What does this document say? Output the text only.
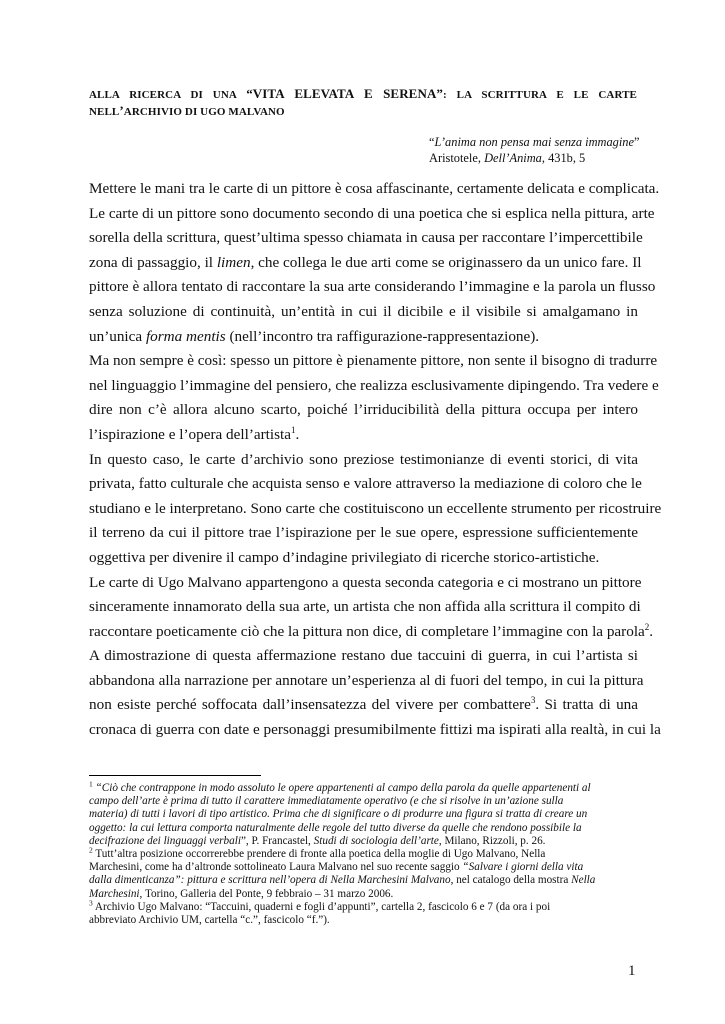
ALLA RICERCA DI UNA “VITA ELEVATA E SERENA”: LA SCRITTURA E LE CARTE
NELL’ARCHIVIO DI UGO MALVANO
“L’anima non pensa mai senza immagine”
Aristotele, Dell’Anima, 431b, 5
Mettere le mani tra le carte di un pittore è cosa affascinante, certamente delicata e complicata.
Le carte di un pittore sono documento secondo di una poetica che si esplica nella pittura, arte
sorella della scrittura, quest’ultima spesso chiamata in causa per raccontare l’impercettibile
zona di passaggio, il limen, che collega le due arti come se originassero da un unico fare. Il
pittore è allora tentato di raccontare la sua arte considerando l’immagine e la parola un flusso
senza soluzione di continuità, un’entità in cui il dicibile e il visibile si amalgamano in
un’unica forma mentis (nell’incontro tra raffigurazione-rappresentazione).
Ma non sempre è così: spesso un pittore è pienamente pittore, non sente il bisogno di tradurre
nel linguaggio l’immagine del pensiero, che realizza esclusivamente dipingendo. Tra vedere e
dire non c’è allora alcuno scarto, poiché l’irriducibilità della pittura occupa per intero
l’ispirazione e l’opera dell’artista$^1$.
In questo caso, le carte d’archivio sono preziose testimonianze di eventi storici, di vita
privata, fatto culturale che acquista senso e valore attraverso la mediazione di coloro che le
studiano e le interpretano. Sono carte che costituiscono un eccellente strumento per ricostruire
il terreno da cui il pittore trae l’ispirazione per le sue opere, espressione sufficientemente
oggettiva per divenire il campo d’indagine privilegiato di ricerche storico-artistiche.
Le carte di Ugo Malvano appartengono a questa seconda categoria e ci mostrano un pittore
sinceramente innamorato della sua arte, un artista che non affida alla scrittura il compito di
raccontare poeticamente ciò che la pittura non dice, di completare l’immagine con la parola$^2$.
A dimostrazione di questa affermazione restano due taccuini di guerra, in cui l’artista si
abbandona alla narrazione per annotare un’esperienza al di fuori del tempo, in cui la pittura
non esiste perché soffocata dall’insensatezza del vivere per combattere$^3$. Si tratta di una
cronaca di guerra con date e personaggi presumibilmente fittizi ma ispirati alla realtà, in cui la
$^1$ “Ciò che contrappone in modo assoluto le opere appartenenti al campo della parola da quelle appartenenti al
campo dell’arte è prima di tutto il carattere immediatamente operativo (e che si risolve in un’azione sulla
materia) di tutti i lavori di tipo artistico. Prima che di significare o di produrre una figura si tratta di creare un
oggetto: la cui lettura comporta naturalmente delle regole del tutto diverse da quelle che rendono possibile la
decifrazione dei linguaggi verbali”, P. Francastel, Studi di sociologia dell’arte, Milano, Rizzoli, p. 26.
$^2$ Tutt’altra posizione occorrerebbe prendere di fronte alla poetica della moglie di Ugo Malvano, Nella
Marchesini, come ha d’altronde sottolineato Laura Malvano nel suo recente saggio “Salvare i giorni della vita
dalla dimenticanza”: pittura e scrittura nell’opera di Nella Marchesini Malvano, nel catalogo della mostra Nella
Marchesini, Torino, Galleria del Ponte, 9 febbraio – 31 marzo 2006.
$^3$ Archivio Ugo Malvano: “Taccuini, quaderni e fogli d’appunti”, cartella 2, fascicolo 6 e 7 (da ora i poi
abbreviato Archivio UM, cartella “c.”, fascicolo “f.”).
1
